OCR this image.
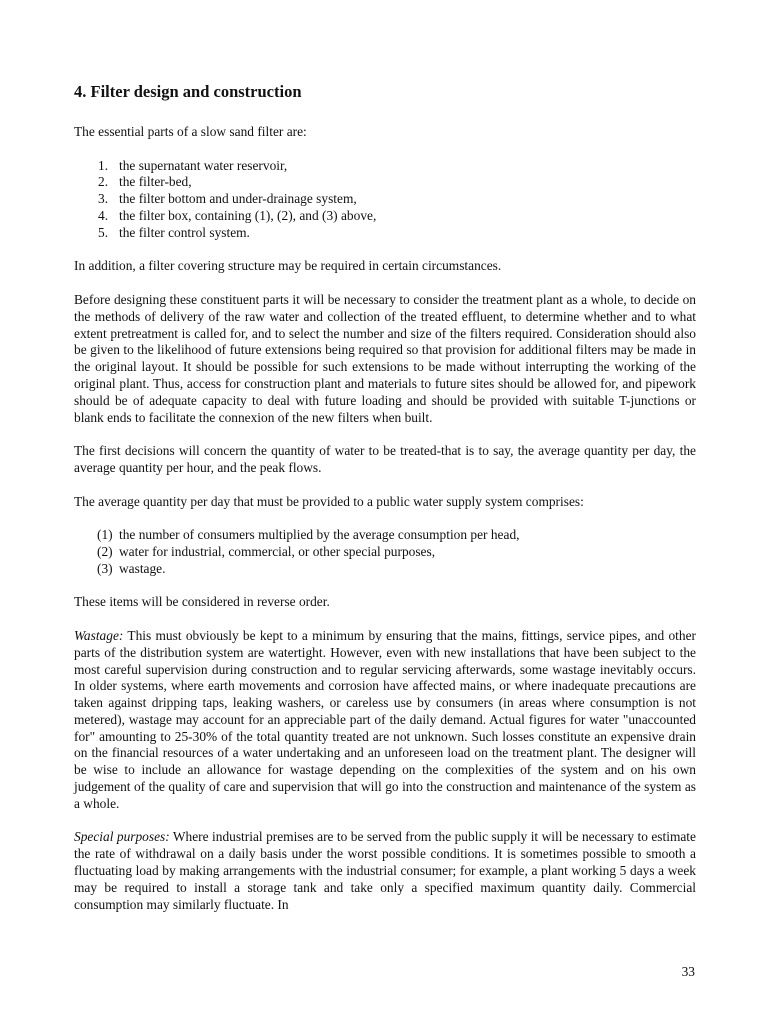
4. Filter design and construction

The essential parts of a slow sand filter are:

1. the supernatant water reservoir,
2. the filter-bed,
3. the filter bottom and under-drainage system,
4. the filter box, containing (1), (2), and (3) above,
5. the filter control system.

In addition, a filter covering structure may be required in certain circumstances.

Before designing these constituent parts it will be necessary to consider the treatment plant as a whole, to decide on the methods of delivery of the raw water and collection of the treated effluent, to determine whether and to what extent pretreatment is called for, and to select the number and size of the filters required. Consideration should also be given to the likelihood of future extensions being required so that provision for additional filters may be made in the original layout. It should be possible for such extensions to be made without interrupting the working of the original plant. Thus, access for construction plant and materials to future sites should be allowed for, and pipework should be of adequate capacity to deal with future loading and should be provided with suitable T-junctions or blank ends to facilitate the connexion of the new filters when built.

The first decisions will concern the quantity of water to be treated-that is to say, the average quantity per day, the average quantity per hour, and the peak flows.

The average quantity per day that must be provided to a public water supply system comprises:

(1) the number of consumers multiplied by the average consumption per head,
(2) water for industrial, commercial, or other special purposes,
(3) wastage.

These items will be considered in reverse order.

Wastage: This must obviously be kept to a minimum by ensuring that the mains, fittings, service pipes, and other parts of the distribution system are watertight. However, even with new installations that have been subject to the most careful supervision during construction and to regular servicing afterwards, some wastage inevitably occurs. In older systems, where earth movements and corrosion have affected mains, or where inadequate precautions are taken against dripping taps, leaking washers, or careless use by consumers (in areas where consumption is not metered), wastage may account for an appreciable part of the daily demand. Actual figures for water "unaccounted for" amounting to 25-30% of the total quantity treated are not unknown. Such losses constitute an expensive drain on the financial resources of a water undertaking and an unforeseen load on the treatment plant. The designer will be wise to include an allowance for wastage depending on the complexities of the system and on his own judgement of the quality of care and supervision that will go into the construction and maintenance of the system as a whole.

Special purposes: Where industrial premises are to be served from the public supply it will be necessary to estimate the rate of withdrawal on a daily basis under the worst possible conditions. It is sometimes possible to smooth a fluctuating load by making arrangements with the industrial consumer; for example, a plant working 5 days a week may be required to install a storage tank and take only a specified maximum quantity daily. Commercial consumption may similarly fluctuate. In

33
